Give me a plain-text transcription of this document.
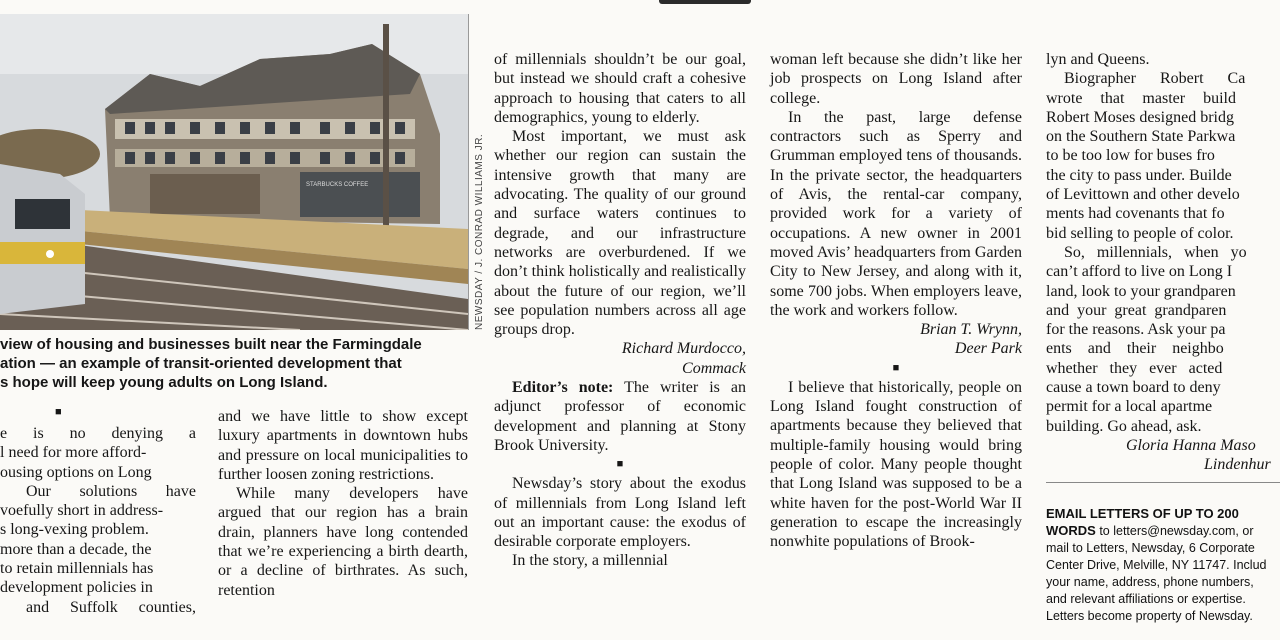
STARBUCKS COFFEE	NEWSDAY / J. CONRAD WILLIAMS JR.
view of housing and businesses built near the Farmingdale
ation — an example of transit-oriented development that
s hope will keep young adults on Long Island.
■
e is no denying a
l need for more afford-
ousing options on Long
Our solutions have
voefully short in address-
s long-vexing problem.
more than a decade, the
to retain millennials has
development policies in
and Suffolk counties,

and we have little to show except luxury apartments in downtown hubs and pressure on local municipalities to further loosen zoning restrictions.

While many developers have argued that our region has a brain drain, planners have long contended that we’re experiencing a birth dearth, or a decline of birthrates. As such, retention

of millennials shouldn’t be our goal, but instead we should craft a cohesive approach to housing that caters to all demographics, young to elderly.

Most important, we must ask whether our region can sustain the intensive growth that many are advocating. The quality of our ground and surface waters continues to degrade, and our infrastructure networks are overburdened. If we don’t think holistically and realistically about the future of our region, we’ll see population numbers across all age groups drop.

Richard Murdocco,

Commack

Editor’s note: The writer is an adjunct professor of economic development and planning at Stony Brook University.

■

Newsday’s story about the exodus of millennials from Long Island left out an important cause: the exodus of desirable corporate employers.

In the story, a millennial

woman left because she didn’t like her job prospects on Long Island after college.

In the past, large defense contractors such as Sperry and Grumman employed tens of thousands. In the private sector, the headquarters of Avis, the rental-car company, provided work for a variety of occupations. A new owner in 2001 moved Avis’ headquarters from Garden City to New Jersey, and along with it, some 700 jobs. When employers leave, the work and workers follow.

Brian T. Wrynn,

Deer Park

■

I believe that historically, people on Long Island fought construction of apartments because they believed that multiple-family housing would bring people of color. Many people thought that Long Island was supposed to be a white haven for the post-World War II generation to escape the increasingly nonwhite populations of Brook-

lyn and Queens.
Biographer Robert Ca
wrote that master build
Robert Moses designed bridg
on the Southern State Parkwa
to be too low for buses fro
the city to pass under. Builde
of Levittown and other develo
ments had covenants that fo
bid selling to people of color.
So, millennials, when yo
can’t afford to live on Long I
land, look to your grandparen
and your great grandparen
for the reasons. Ask your pa
ents and their neighbo
whether they ever acted
cause a town board to deny
permit for a local apartme
building. Go ahead, ask.
Gloria Hanna Maso
Lindenhur
EMAIL LETTERS OF UP TO 200
WORDS to letters@newsday.com, or
mail to Letters, Newsday, 6 Corporate
Center Drive, Melville, NY 11747. Includ
your name, address, phone numbers,
and relevant affiliations or expertise.
Letters become property of Newsday.
